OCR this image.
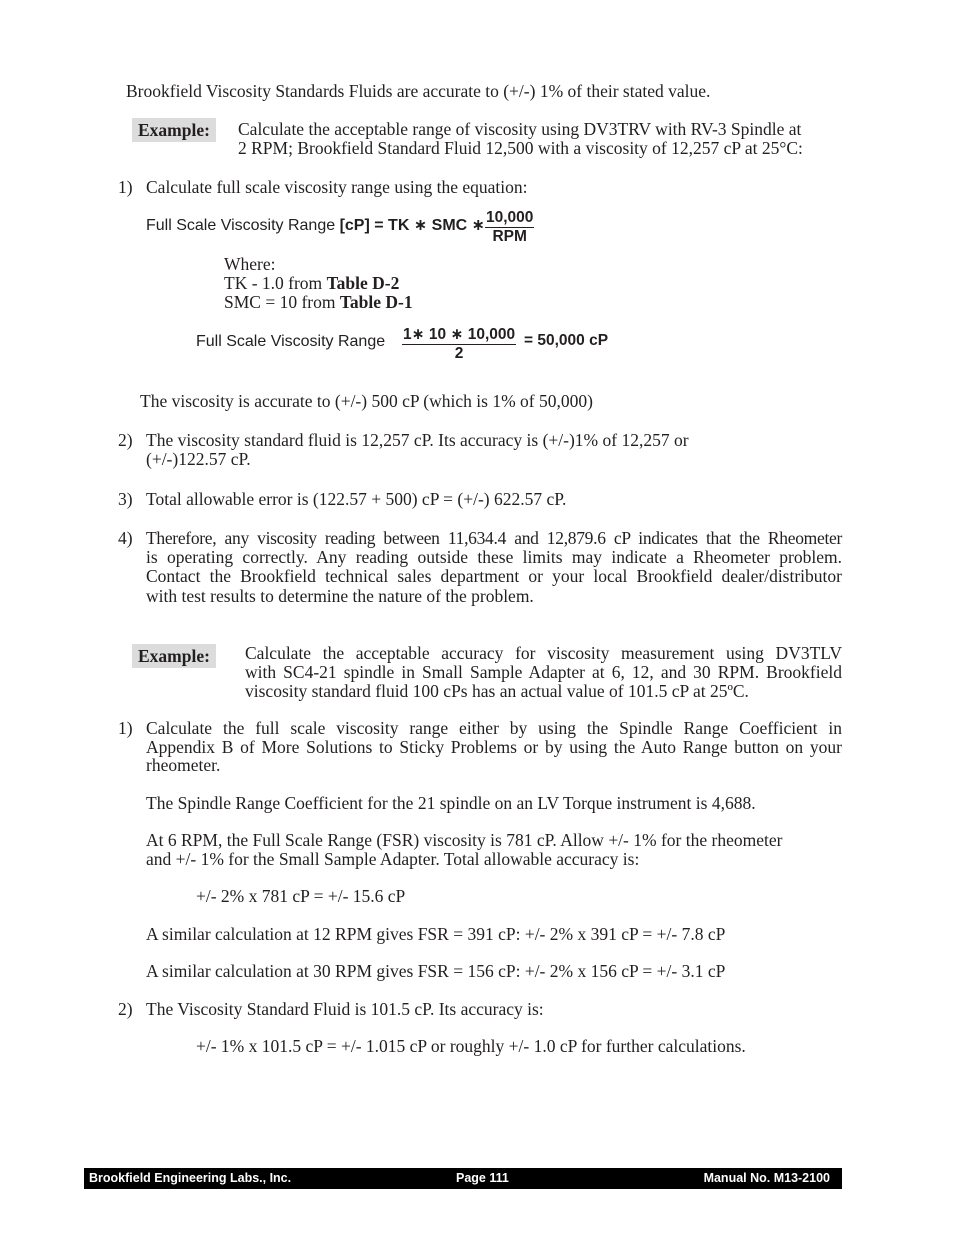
Brookfield Viscosity Standards Fluids are accurate to (+/-) 1% of their stated value.
Example:	Calculate the acceptable range of viscosity using DV3TRV with RV-3 Spindle at
2 RPM; Brookfield Standard Fluid 12,500 with a viscosity of 12,257 cP at 25°C:
1) Calculate full scale viscosity range using the equation:
Full Scale Viscosity Range [cP] = TK ∗ SMC ∗ 10,000
RPM
Where:
TK - 1.0 from Table D-2
SMC = 10 from Table D-1
Full Scale Viscosity Range $\frac{1∗ 10 ∗ 10,000}{2} = 50,000$ cP
The viscosity is accurate to (+/-) 500 cP (which is 1% of 50,000)
2) The viscosity standard fluid is 12,257 cP. Its accuracy is (+/-)1% of 12,257 or
(+/-)122.57 cP.
3) Total allowable error is (122.57 + 500) cP = (+/-) 622.57 cP.
4) Therefore, any viscosity reading between 11,634.4 and 12,879.6 cP indicates that the Rheometer
is operating correctly. Any reading outside these limits may indicate a Rheometer problem.
Contact the Brookfield technical sales department or your local Brookfield dealer/distributor
with test results to determine the nature of the problem.
Example:	Calculate the acceptable accuracy for viscosity measurement using DV3TLV
with SC4-21 spindle in Small Sample Adapter at 6, 12, and 30 RPM. Brookfield
viscosity standard fluid 100 cPs has an actual value of 101.5 cP at 25ºC.
1) Calculate the full scale viscosity range either by using the Spindle Range Coefficient in
Appendix B of More Solutions to Sticky Problems or by using the Auto Range button on your
rheometer.
The Spindle Range Coefficient for the 21 spindle on an LV Torque instrument is 4,688.
At 6 RPM, the Full Scale Range (FSR) viscosity is 781 cP. Allow +/- 1% for the rheometer
and +/- 1% for the Small Sample Adapter. Total allowable accuracy is:
+/- 2% x 781 cP = +/- 15.6 cP
A similar calculation at 12 RPM gives FSR = 391 cP: +/- 2% x 391 cP = +/- 7.8 cP
A similar calculation at 30 RPM gives FSR = 156 cP: +/- 2% x 156 cP = +/- 3.1 cP
2) The Viscosity Standard Fluid is 101.5 cP. Its accuracy is:
+/- 1% x 101.5 cP = +/- 1.015 cP or roughly +/- 1.0 cP for further calculations.
Brookfield Engineering Labs., Inc.	Page 111	Manual No. M13-2100
